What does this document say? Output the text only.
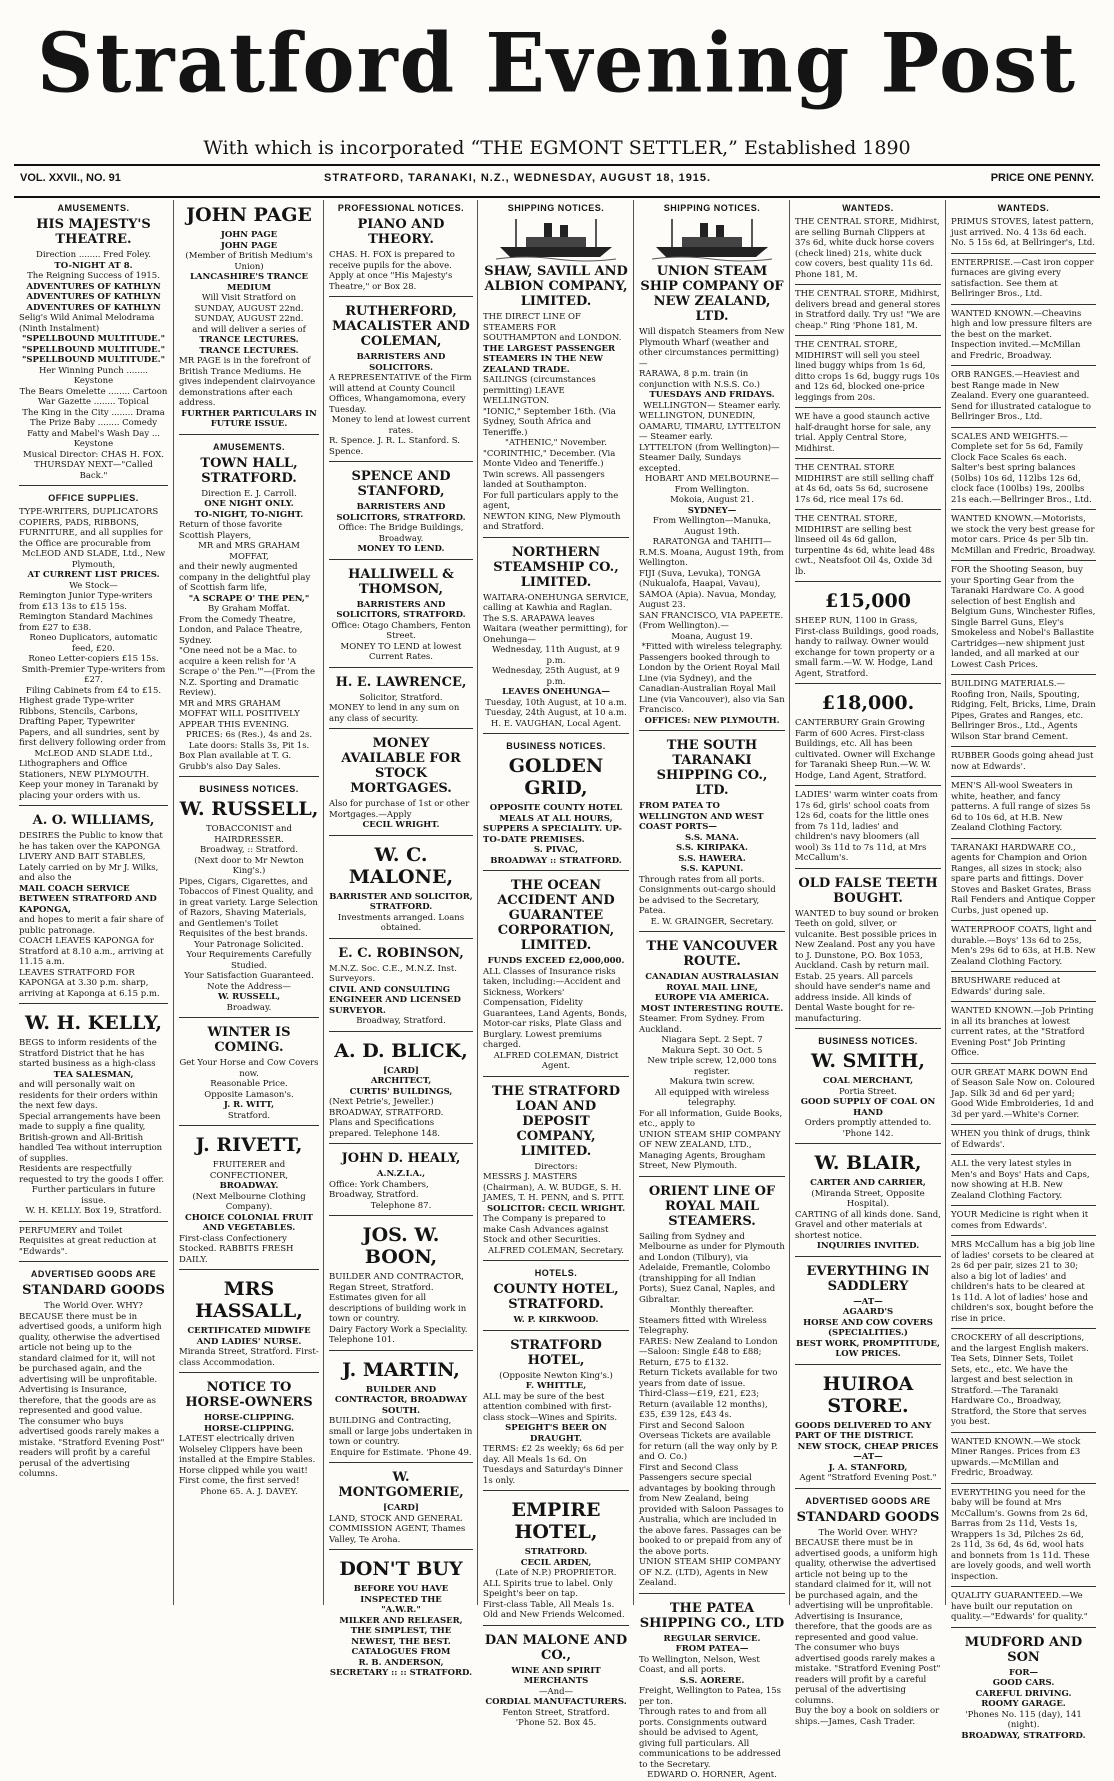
Stratford Evening Post
With which is incorporated “THE EGMONT SETTLER,” Established 1890
VOL. XXVII., NO. 91	STRATFORD, TARANAKI, N.Z., WEDNESDAY, AUGUST 18, 1915.	PRICE ONE PENNY.
AMUSEMENTS.
HIS MAJESTY'S THEATRE.
Direction ........ Fred Foley.
TO-NIGHT AT 8.
The Reigning Success of 1915.
ADVENTURES OF KATHLYN
ADVENTURES OF KATHLYN
ADVENTURES OF KATHLYN
Selig's Wild Animal Melodrama (Ninth Instalment)
"SPELLBOUND MULTITUDE."
"SPELLBOUND MULTITUDE."
"SPELLBOUND MULTITUDE."
Her Winning Punch ........ Keystone
The Bears Omelette ........ Cartoon
War Gazette ........ Topical
The King in the City ........ Drama
The Prize Baby ........ Comedy
Fatty and Mabel's Wash Day ... Keystone
Musical Director: CHAS H. FOX.
THURSDAY NEXT—"Called Back."
OFFICE SUPPLIES.
TYPE-WRITERS, DUPLICATORS COPIERS, PADS, RIBBONS, FURNITURE, and all supplies for the Office are procurable from
McLEOD AND SLADE, Ltd., New Plymouth,
AT CURRENT LIST PRICES.
We Stock—
Remington Junior Type-writers from £13 13s to £15 15s.
Remington Standard Machines from £27 to £38.
Roneo Duplicators, automatic feed, £20.
Roneo Letter-copiers £15 15s.
Smith-Premier Type-writers from £27.
Filing Cabinets from £4 to £15.
Highest grade Type-writer Ribbons, Stencils, Carbons, Drafting Paper, Typewriter Papers, and all sundries, sent by first delivery following order from
McLEOD AND SLADE Ltd.,
Lithographers and Office Stationers, NEW PLYMOUTH.
Keep your money in Taranaki by placing your orders with us.
A. O. WILLIAMS,
DESIRES the Public to know that he has taken over the KAPONGA LIVERY AND BAIT STABLES,
Lately carried on by Mr J. Wilks, and also the
MAIL COACH SERVICE BETWEEN STRATFORD AND KAPONGA,
and hopes to merit a fair share of public patronage.
COACH LEAVES KAPONGA for Stratford at 8.10 a.m., arriving at 11.15 a.m.
LEAVES STRATFORD FOR KAPONGA at 3.30 p.m. sharp, arriving at Kaponga at 6.15 p.m.
W. H. KELLY,
BEGS to inform residents of the Stratford District that he has started business as a high-class
TEA SALESMAN,
and will personally wait on residents for their orders within the next few days.
Special arrangements have been made to supply a fine quality, British-grown and All-British handled Tea without interruption of supplies.
Residents are respectfully requested to try the goods I offer.
Further particulars in future issue.
W. H. KELLY. Box 19, Stratford.
PERFUMERY and Toilet Requisites at great reduction at "Edwards".
ADVERTISED GOODS ARE
STANDARD GOODS
The World Over. WHY?
BECAUSE there must be in advertised goods, a uniform high quality, otherwise the advertised article not being up to the standard claimed for it, will not be purchased again, and the advertising will be unprofitable.
Advertising is Insurance, therefore, that the goods are as represented and good value.
The consumer who buys advertised goods rarely makes a mistake. "Stratford Evening Post" readers will profit by a careful perusal of the advertising columns.
JOHN PAGE
JOHN PAGE
JOHN PAGE
(Member of British Medium's Union)
LANCASHIRE'S TRANCE MEDIUM
Will Visit Stratford on
SUNDAY, AUGUST 22nd.
SUNDAY, AUGUST 22nd.
and will deliver a series of
TRANCE LECTURES.
TRANCE LECTURES.
MR PAGE is in the forefront of British Trance Mediums. He gives independent clairvoyance demonstrations after each address.
FURTHER PARTICULARS IN FUTURE ISSUE.
AMUSEMENTS.
TOWN HALL, STRATFORD.
Direction E. J. Carroll.
ONE NIGHT ONLY.
TO-NIGHT, TO-NIGHT.
Return of those favorite Scottish Players,
MR and MRS GRAHAM MOFFAT,
and their newly augmented company in the delightful play of Scottish farm life,
"A SCRAPE O' THE PEN,"
By Graham Moffat.
From the Comedy Theatre, London, and Palace Theatre, Sydney.
"One need not be a Mac. to acquire a keen relish for 'A Scrape o' the Pen.'"—(From the N.Z. Sporting and Dramatic Review).
MR and MRS GRAHAM MOFFAT WILL POSITIVELY APPEAR THIS EVENING.
PRICES: 6s (Res.), 4s and 2s.
Late doors: Stalls 3s, Pit 1s.
Box Plan available at T. G. Grubb's also Day Sales.
BUSINESS NOTICES.
W. RUSSELL,
TOBACCONIST and HAIRDRESSER.
Broadway, :: Stratford.
(Next door to Mr Newton King's.)
Pipes, Cigars, Cigarettes, and Tobaccos of Finest Quality, and in great variety. Large Selection of Razors, Shaving Materials, and Gentlemen's Toilet Requisites of the best brands.
Your Patronage Solicited.
Your Requirements Carefully Studied.
Your Satisfaction Guaranteed.
Note the Address—
W. RUSSELL,
Broadway.
WINTER IS COMING.
Get Your Horse and Cow Covers now.
Reasonable Price.
Opposite Lamason's.
J. R. WITT,
Stratford.
J. RIVETT,
FRUITERER and CONFECTIONER,
BROADWAY.
(Next Melbourne Clothing Company).
CHOICE COLONIAL FRUIT AND VEGETABLES.
First-class Confectionery Stocked. RABBITS FRESH DAILY.
MRS HASSALL,
CERTIFICATED MIDWIFE AND LADIES' NURSE.
Miranda Street, Stratford. First-class Accommodation.
NOTICE TO HORSE-OWNERS
HORSE-CLIPPING.
HORSE-CLIPPING.
LATEST electrically driven Wolseley Clippers have been installed at the Empire Stables. Horse clipped while you wait! First come, the first served!
Phone 65. A. J. DAVEY.
PROFESSIONAL NOTICES.
PIANO AND THEORY.
CHAS. H. FOX is prepared to receive pupils for the above. Apply at once "His Majesty's Theatre," or Box 28.
RUTHERFORD, MACALISTER AND COLEMAN,
BARRISTERS AND SOLICITORS.
A REPRESENTATIVE of the Firm will attend at County Council Offices, Whangamomona, every Tuesday.
Money to lend at lowest current rates.
R. Spence. J. R. L. Stanford. S. Spence.
SPENCE AND STANFORD,
BARRISTERS AND SOLICITORS, STRATFORD.
Office: The Bridge Buildings, Broadway.
MONEY TO LEND.
HALLIWELL & THOMSON,
BARRISTERS AND SOLICITORS, STRATFORD.
Office: Otago Chambers, Fenton Street.
MONEY TO LEND at lowest Current Rates.
H. E. LAWRENCE,
Solicitor, Stratford.
MONEY to lend in any sum on any class of security.
MONEY AVAILABLE FOR STOCK MORTGAGES.
Also for purchase of 1st or other Mortgages.—Apply
CECIL WRIGHT.
W. C. MALONE,
BARRISTER AND SOLICITOR, STRATFORD.
Investments arranged. Loans obtained.
E. C. ROBINSON,
M.N.Z. Soc. C.E., M.N.Z. Inst. Surveyors.
CIVIL AND CONSULTING ENGINEER AND LICENSED SURVEYOR.
Broadway, Stratford.
A. D. BLICK,
[CARD]
ARCHITECT,
CURTIS' BUILDINGS,
(Next Petrie's, Jeweller.) BROADWAY, STRATFORD.
Plans and Specifications prepared. Telephone 148.
JOHN D. HEALY,
A.N.Z.I.A.,
Office: York Chambers, Broadway, Stratford.
Telephone 87.
JOS. W. BOON,
BUILDER AND CONTRACTOR, Regan Street, Stratford.
Estimates given for all descriptions of building work in town or country.
Dairy Factory Work a Speciality. Telephone 101.
J. MARTIN,
BUILDER AND CONTRACTOR, BROADWAY SOUTH.
BUILDING and Contracting, small or large jobs undertaken in town or country.
Enquire for Estimate. 'Phone 49.
W. MONTGOMERIE,
[CARD]
LAND, STOCK AND GENERAL COMMISSION AGENT, Thames Valley, Te Aroha.
DON'T BUY
BEFORE YOU HAVE INSPECTED THE
"A.W.R."
MILKER AND RELEASER,
THE SIMPLEST, THE NEWEST, THE BEST.
CATALOGUES FROM
R. B. ANDERSON,
SECRETARY :: :: STRATFORD.
SHIPPING NOTICES.
SHAW, SAVILL AND ALBION COMPANY, LIMITED.
THE DIRECT LINE OF STEAMERS FOR SOUTHAMPTON and LONDON.
THE LARGEST PASSENGER STEAMERS IN THE NEW ZEALAND TRADE.
SAILINGS (circumstances permitting) LEAVE WELLINGTON.
"IONIC," September 16th. (Via Sydney, South Africa and Teneriffe.)
"ATHENIC," November.
"CORINTHIC," December. (Via Monte Video and Teneriffe.)
Twin screws. All passengers landed at Southampton.
For full particulars apply to the agent,
NEWTON KING, New Plymouth and Stratford.
NORTHERN STEAMSHIP CO., LIMITED.
WAITARA-ONEHUNGA SERVICE, calling at Kawhia and Raglan.
The S.S. ARAPAWA leaves Waitara (weather permitting), for Onehunga—
Wednesday, 11th August, at 9 p.m.
Wednesday, 25th August, at 9 p.m.
LEAVES ONEHUNGA—
Tuesday, 10th August, at 10 a.m.
Tuesday, 24th August, at 10 a.m.
H. E. VAUGHAN, Local Agent.
BUSINESS NOTICES.
GOLDEN GRID,
OPPOSITE COUNTY HOTEL
MEALS AT ALL HOURS,
SUPPERS A SPECIALITY. UP-TO-DATE PREMISES.
S. PIVAC,
BROADWAY :: STRATFORD.
THE OCEAN ACCIDENT AND GUARANTEE CORPORATION, LIMITED.
FUNDS EXCEED £2,000,000.
ALL Classes of Insurance risks taken, including:—Accident and Sickness, Workers' Compensation, Fidelity Guarantees, Land Agents, Bonds, Motor-car risks, Plate Glass and Burglary. Lowest premiums charged.
ALFRED COLEMAN, District Agent.
THE STRATFORD LOAN AND DEPOSIT COMPANY, LIMITED.
Directors:
MESSRS J. MASTERS (Chairman), A. W. BUDGE, S. H. JAMES, T. H. PENN, and S. PITT.
SOLICITOR: CECIL WRIGHT.
The Company is prepared to make Cash Advances against Stock and other Securities.
ALFRED COLEMAN, Secretary.
HOTELS.
COUNTY HOTEL, STRATFORD.
W. P. KIRKWOOD.
STRATFORD HOTEL,
(Opposite Newton King's.)
F. WHITTLE,
ALL may be sure of the best attention combined with first-class stock—Wines and Spirits.
SPEIGHT'S BEER ON DRAUGHT.
TERMS: £2 2s weekly; 6s 6d per day. All Meals 1s 6d. On Tuesdays and Saturday's Dinner 1s only.
EMPIRE HOTEL,
STRATFORD.
CECIL ARDEN,
(Late of N.P.) PROPRIETOR.
ALL Spirits true to label. Only Speight's beer on tap.
First-class Table, All Meals 1s. Old and New Friends Welcomed.
DAN MALONE AND CO.,
WINE AND SPIRIT MERCHANTS
—And—
CORDIAL MANUFACTURERS.
Fenton Street, Stratford.
'Phone 52. Box 45.
SHIPPING NOTICES.
UNION STEAM SHIP COMPANY OF NEW ZEALAND, LTD.
Will dispatch Steamers from New Plymouth Wharf (weather and other circumstances permitting)—
RARAWA, 8 p.m. train (in conjunction with N.S.S. Co.)
TUESDAYS AND FRIDAYS.
WELLINGTON— Steamer early.
WELLINGTON, DUNEDIN, OAMARU, TIMARU, LYTTELTON— Steamer early.
LYTTELTON (from Wellington)— Steamer Daily, Sundays excepted.
HOBART AND MELBOURNE—From Wellington.
Mokoia, August 21.
SYDNEY—
From Wellington—Manuka, August 19th.
RARATONGA and TAHITI—
R.M.S. Moana, August 19th, from Wellington.
FIJI (Suva, Levuka), TONGA (Nukualofa, Haapai, Vavau), SAMOA (Apia). Navua, Monday, August 23.
SAN FRANCISCO, VIA PAPEETE. (From Wellington).—
Moana, August 19.
*Fitted with wireless telegraphy.
Passengers booked through to London by the Orient Royal Mail Line (via Sydney), and the Canadian-Australian Royal Mail Line (via Vancouver), also via San Francisco.
OFFICES: NEW PLYMOUTH.
THE SOUTH TARANAKI SHIPPING CO., LTD.
FROM PATEA TO WELLINGTON AND WEST COAST PORTS—
S.S. MANA.
S.S. KIRIPAKA.
S.S. HAWERA.
S.S. KAPUNI.
Through rates from all ports. Consignments out-cargo should be advised to the Secretary, Patea.
E. W. GRAINGER, Secretary.
THE VANCOUVER ROUTE.
CANADIAN AUSTRALASIAN ROYAL MAIL LINE,
EUROPE VIA AMERICA.
MOST INTERESTING ROUTE.
Steamer. From Sydney. From Auckland.
Niagara Sept. 2 Sept. 7
Makura Sept. 30 Oct. 5
New triple screw, 12,000 tons register.
Makura twin screw.
All equipped with wireless telegraphy.
For all information, Guide Books, etc., apply to
UNION STEAM SHIP COMPANY OF NEW ZEALAND, LTD., Managing Agents, Brougham Street, New Plymouth.
ORIENT LINE OF ROYAL MAIL STEAMERS.
Sailing from Sydney and Melbourne as under for Plymouth and London (Tilbury), via Adelaide, Fremantle, Colombo (transhipping for all Indian Ports), Suez Canal, Naples, and Gibraltar.
Monthly thereafter.
Steamers fitted with Wireless Telegraphy.
FARES: New Zealand to London—Saloon: Single £48 to £88; Return, £75 to £132.
Return Tickets available for two years from date of issue.
Third-Class—£19, £21, £23; Return (available 12 months), £35, £39 12s, £43 4s.
First and Second Saloon Overseas Tickets are available for return (all the way only by P. and O. Co.)
First and Second Class Passengers secure special advantages by booking through from New Zealand, being provided with Saloon Passages to Australia, which are included in the above fares. Passages can be booked to or prepaid from any of the above ports.
UNION STEAM SHIP COMPANY OF N.Z. (LTD), Agents in New Zealand.
THE PATEA SHIPPING CO., LTD
REGULAR SERVICE.
FROM PATEA—
To Wellington, Nelson, West Coast, and all ports.
S.S. AORERE.
Freight, Wellington to Patea, 15s per ton.
Through rates to and from all ports. Consignments outward should be advised to Agent, giving full particulars. All communications to be addressed to the Secretary.
EDWARD O. HORNER, Agent.
WANTEDS.
THE CENTRAL STORE, Midhirst, are selling Burnah Clippers at 37s 6d, white duck horse covers (check lined) 21s, white duck cow covers, best quality 11s 6d. Phone 181, M.
THE CENTRAL STORE, Midhirst, delivers bread and general stores in Stratford daily. Try us! "We are cheap." Ring 'Phone 181, M.
THE CENTRAL STORE, MIDHIRST will sell you steel lined buggy whips from 1s 6d, ditto crops 1s 6d, buggy rugs 10s and 12s 6d, blocked one-price leggings from 20s.
WE have a good staunch active half-draught horse for sale, any trial. Apply Central Store, Midhirst.
THE CENTRAL STORE MIDHIRST are still selling chaff at 4s 6d, oats 5s 6d, sucrosene 17s 6d, rice meal 17s 6d.
THE CENTRAL STORE, MIDHIRST are selling best linseed oil 4s 6d gallon, turpentine 4s 6d, white lead 48s cwt., Neatsfoot Oil 4s, Oxide 3d lb.
£15,000
SHEEP RUN, 1100 in Grass, First-class Buildings, good roads, handy to railway. Owner would exchange for town property or a small farm.—W. W. Hodge, Land Agent, Stratford.
£18,000.
CANTERBURY Grain Growing Farm of 600 Acres. First-class Buildings, etc. All has been cultivated. Owner will Exchange for Taranaki Sheep Run.—W. W. Hodge, Land Agent, Stratford.
LADIES' warm winter coats from 17s 6d, girls' school coats from 12s 6d, coats for the little ones from 7s 11d, ladies' and children's navy bloomers (all wool) 3s 11d to 7s 11d, at Mrs McCallum's.
OLD FALSE TEETH BOUGHT.
WANTED to buy sound or broken Teeth on gold, silver, or vulcanite. Best possible prices in New Zealand. Post any you have to J. Dunstone, P.O. Box 1053, Auckland. Cash by return mail. Estab. 25 years. All parcels should have sender's name and address inside. All kinds of Dental Waste bought for re-manufacturing.
BUSINESS NOTICES.
W. SMITH,
COAL MERCHANT,
Portia Street.
GOOD SUPPLY OF COAL ON HAND
Orders promptly attended to.
'Phone 142.
W. BLAIR,
CARTER AND CARRIER,
(Miranda Street, Opposite Hospital).
CARTING of all kinds done. Sand, Gravel and other materials at shortest notice.
INQUIRIES INVITED.
EVERYTHING IN SADDLERY
—AT—
AGAARD'S
HORSE AND COW COVERS (SPECIALITIES.)
BEST WORK, PROMPTITUDE, LOW PRICES.
HUIROA STORE.
GOODS DELIVERED TO ANY PART OF THE DISTRICT.
NEW STOCK, CHEAP PRICES
—AT—
J. A. STANFORD,
Agent "Stratford Evening Post."
ADVERTISED GOODS ARE
STANDARD GOODS
The World Over. WHY?
BECAUSE there must be in advertised goods, a uniform high quality, otherwise the advertised article not being up to the standard claimed for it, will not be purchased again, and the advertising will be unprofitable.
Advertising is Insurance, therefore, that the goods are as represented and good value.
The consumer who buys advertised goods rarely makes a mistake. "Stratford Evening Post" readers will profit by a careful perusal of the advertising columns.
Buy the boy a book on soldiers or ships.—James, Cash Trader.
WANTEDS.
PRIMUS STOVES, latest pattern, just arrived. No. 4 13s 6d each. No. 5 15s 6d, at Bellringer's, Ltd.
ENTERPRISE.—Cast iron copper furnaces are giving every satisfaction. See them at Bellringer Bros., Ltd.
WANTED KNOWN.—Cheavins high and low pressure filters are the best on the market. Inspection invited.—McMillan and Fredric, Broadway.
ORB RANGES.—Heaviest and best Range made in New Zealand. Every one guaranteed. Send for illustrated catalogue to Bellringer Bros., Ltd.
SCALES AND WEIGHTS.—Complete set for 5s 6d, Family Clock Face Scales 6s each. Salter's best spring balances (50lbs) 10s 6d, 112lbs 12s 6d, clock face (100lbs) 19s, 200lbs 21s each.—Bellringer Bros., Ltd.
WANTED KNOWN.—Motorists, we stock the very best grease for motor cars. Price 4s per 5lb tin. McMillan and Fredric, Broadway.
FOR the Shooting Season, buy your Sporting Gear from the Taranaki Hardware Co. A good selection of best English and Belgium Guns, Winchester Rifles, Single Barrel Guns, Eley's Smokeless and Nobel's Ballastite Cartridges—new shipment just landed, and all marked at our Lowest Cash Prices.
BUILDING MATERIALS.—Roofing Iron, Nails, Spouting, Ridging, Felt, Bricks, Lime, Drain Pipes, Grates and Ranges, etc. Bellringer Bros., Ltd., Agents Wilson Star brand Cement.
RUBBER Goods going ahead just now at Edwards'.
MEN'S All-wool Sweaters in white, heather, and fancy patterns. A full range of sizes 5s 6d to 10s 6d, at H.B. New Zealand Clothing Factory.
TARANAKI HARDWARE CO., agents for Champion and Orion Ranges, all sizes in stock; also spare parts and fittings. Dover Stoves and Basket Grates, Brass Rail Fenders and Antique Copper Curbs, just opened up.
WATERPROOF COATS, light and durable.—Boys' 13s 6d to 25s, Men's 29s 6d to 63s, at H.B. New Zealand Clothing Factory.
BRUSHWARE reduced at Edwards' during sale.
WANTED KNOWN.—Job Printing in all its branches at lowest current rates, at the "Stratford Evening Post" Job Printing Office.
OUR GREAT MARK DOWN End of Season Sale Now on. Coloured Jap. Silk 3d and 6d per yard; Good Wide Embroideries, 1d and 3d per yard.—White's Corner.
WHEN you think of drugs, think of Edwards'.
ALL the very latest styles in Men's and Boys' Hats and Caps, now showing at H.B. New Zealand Clothing Factory.
YOUR Medicine is right when it comes from Edwards'.
MRS McCallum has a big job line of ladies' corsets to be cleared at 2s 6d per pair, sizes 21 to 30; also a big lot of ladies' and children's hats to be cleared at 1s 11d. A lot of ladies' hose and children's sox, bought before the rise in price.
CROCKERY of all descriptions, and the largest English makers. Tea Sets, Dinner Sets, Toilet Sets, etc., etc. We have the largest and best selection in Stratford.—The Taranaki Hardware Co., Broadway, Stratford, the Store that serves you best.
WANTED KNOWN.—We stock Miner Ranges. Prices from £3 upwards.—McMillan and Fredric, Broadway.
EVERYTHING you need for the baby will be found at Mrs McCallum's. Gowns from 2s 6d, Barras from 2s 11d, Vests 1s, Wrappers 1s 3d, Pilches 2s 6d, 2s 11d, 3s 6d, 4s 6d, wool hats and bonnets from 1s 11d. These are lovely goods, and well worth inspection.
QUALITY GUARANTEED.—We have built our reputation on quality.—"Edwards' for quality."
MUDFORD AND SON
FOR—
GOOD CARS.
CAREFUL DRIVING.
ROOMY GARAGE.
'Phones No. 115 (day), 141 (night).
BROADWAY, STRATFORD.
